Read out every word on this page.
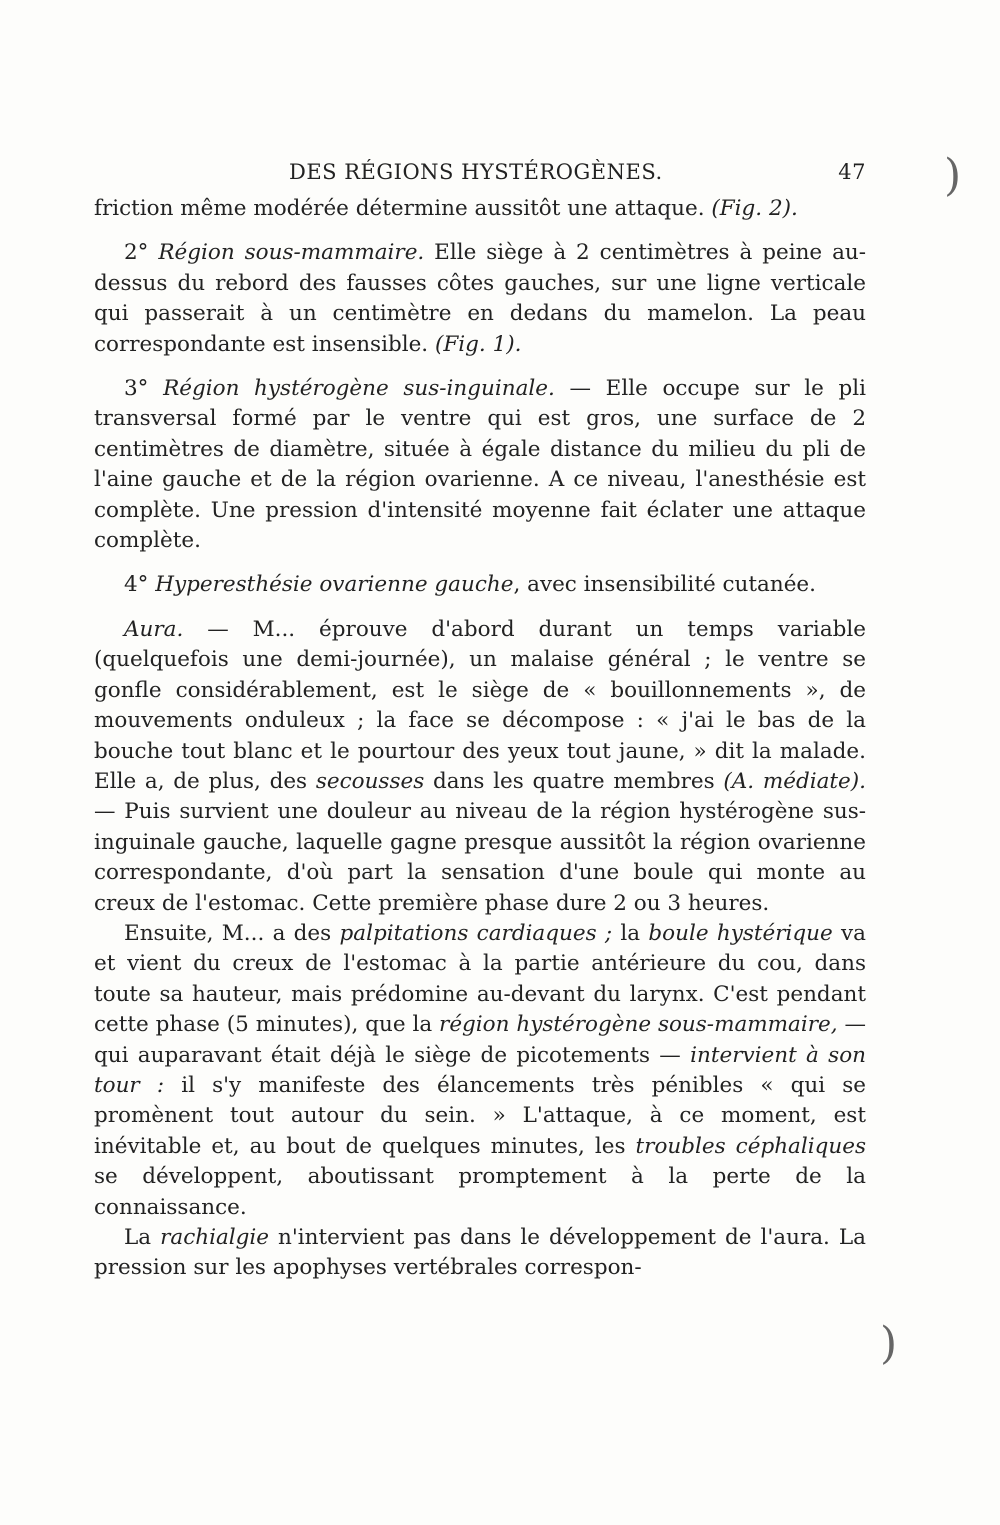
)
)
DES RÉGIONS HYSTÉROGÈNES.	47

friction même modérée détermine aussitôt une attaque. (Fig. 2).

2° Région sous-mammaire. Elle siège à 2 centimètres à peine au-dessus du rebord des fausses côtes gauches, sur une ligne verticale qui passerait à un centimètre en dedans du mamelon. La peau correspondante est insensible. (Fig. 1).

3° Région hystérogène sus-inguinale. — Elle occupe sur le pli transversal formé par le ventre qui est gros, une surface de 2 centimètres de diamètre, située à égale distance du milieu du pli de l'aine gauche et de la région ovarienne. A ce niveau, l'anesthésie est complète. Une pression d'intensité moyenne fait éclater une attaque complète.

4° Hyperesthésie ovarienne gauche, avec insensibilité cutanée.

Aura. — M... éprouve d'abord durant un temps variable (quelquefois une demi-journée), un malaise général ; le ventre se gonfle considérablement, est le siège de « bouillonnements », de mouvements onduleux ; la face se décompose : « j'ai le bas de la bouche tout blanc et le pourtour des yeux tout jaune, » dit la malade. Elle a, de plus, des secousses dans les quatre membres (A. médiate). — Puis survient une douleur au niveau de la région hystérogène sus-inguinale gauche, laquelle gagne presque aussitôt la région ovarienne correspondante, d'où part la sensation d'une boule qui monte au creux de l'estomac. Cette première phase dure 2 ou 3 heures.

Ensuite, M... a des palpitations cardiaques ; la boule hystérique va et vient du creux de l'estomac à la partie antérieure du cou, dans toute sa hauteur, mais prédomine au-devant du larynx. C'est pendant cette phase (5 minutes), que la région hystérogène sous-mammaire, — qui auparavant était déjà le siège de picotements — intervient à son tour : il s'y manifeste des élancements très pénibles « qui se promènent tout autour du sein. » L'attaque, à ce moment, est inévitable et, au bout de quelques minutes, les troubles céphaliques se développent, aboutissant promptement à la perte de la connaissance.

La rachialgie n'intervient pas dans le développement de l'aura. La pression sur les apophyses vertébrales correspon-
